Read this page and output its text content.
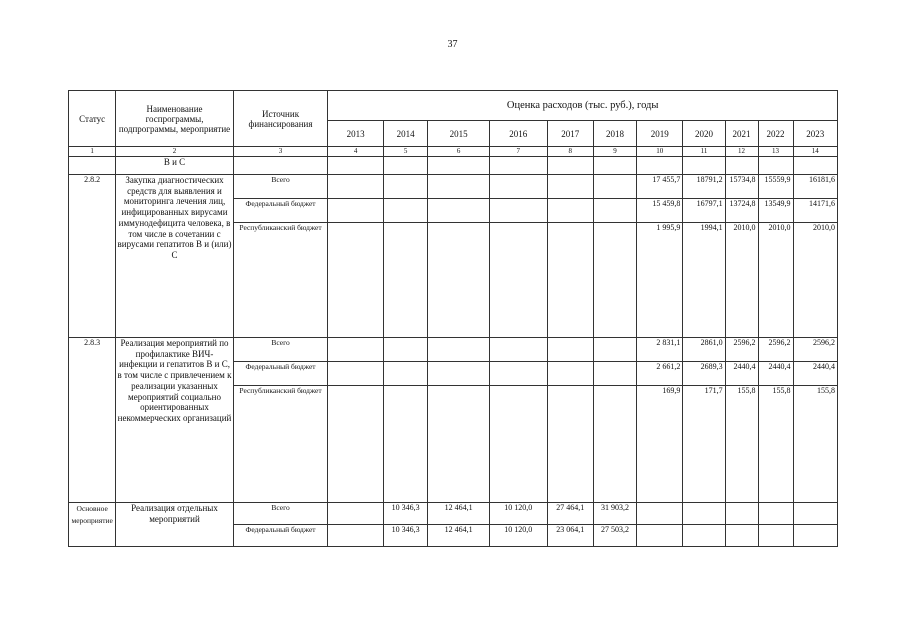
37
Статус	Наименование госпрограммы, подпрограммы, мероприятие	Источник финансирования	Оценка расходов (тыс. руб.), годы										
			2013	2014	2015	2016	2017	2018	2019	2020	2021	2022	2023
1	2	3	4	5	6	7	8	9	10	11	12	13	14
	В и С												
2.8.2	Закупка диагностических средств для выявления и мониторинга лечения лиц, инфицированных вирусами иммунодефицита человека, в том числе в сочетании с вирусами гепатитов В и (или) С	Всего							17 455,7	18791,2	15734,8	15559,9	16181,6
		Федеральный бюджет							15 459,8	16797,1	13724,8	13549,9	14171,6
		Республиканский бюджет							1 995,9	1994,1	2010,0	2010,0	2010,0
2.8.3	Реализация мероприятий по профилактике ВИЧ-инфекции и гепатитов В и С, в том числе с привлечением к реализации указанных мероприятий социально ориентированных некоммерческих организаций	Всего							2 831,1	2861,0	2596,2	2596,2	2596,2
		Федеральный бюджет							2 661,2	2689,3	2440,4	2440,4	2440,4
		Республиканский бюджет							169,9	171,7	155,8	155,8	155,8
Основное мероприятие	Реализация отдельных мероприятий	Всего		10 346,3	12 464,1	10 120,0	27 464,1	31 903,2					
		Федеральный бюджет		10 346,3	12 464,1	10 120,0	23 064,1	27 503,2					
